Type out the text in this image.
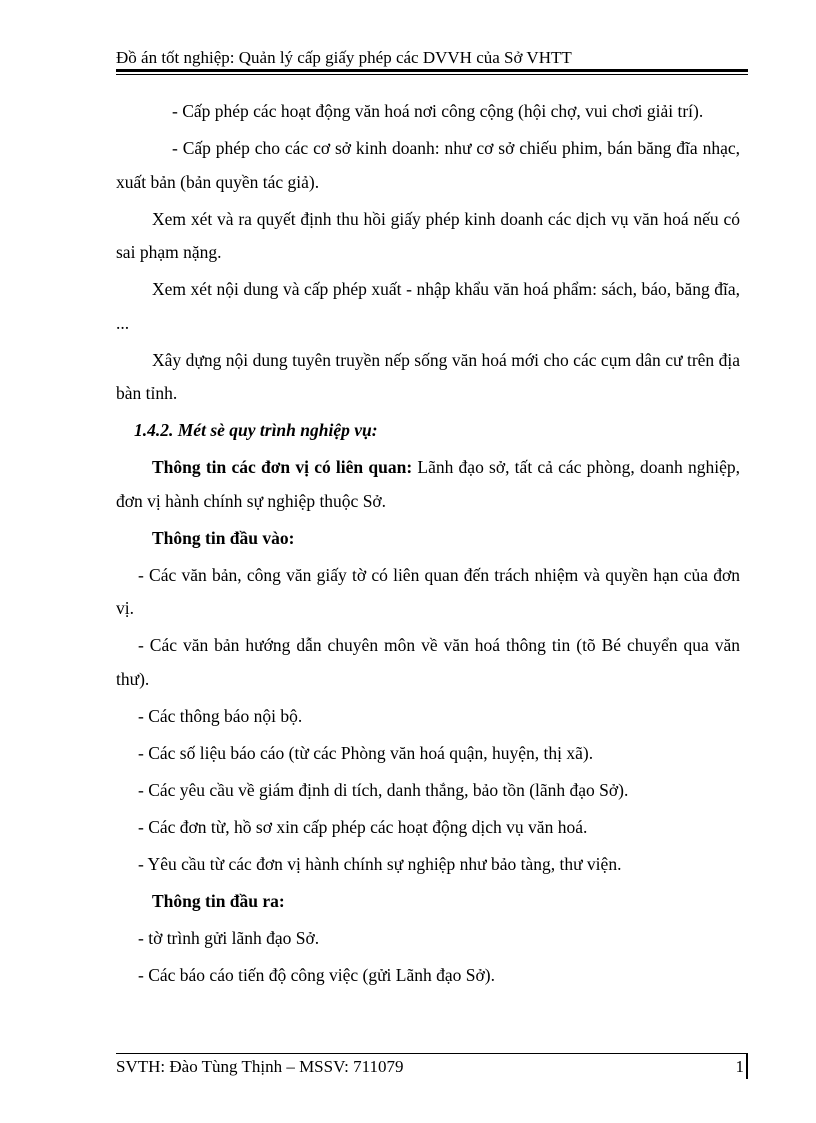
Đồ án tốt nghiệp: Quản lý cấp giấy phép các DVVH của Sở VHTT

- Cấp phép các hoạt động văn hoá nơi công cộng (hội chợ, vui chơi giải trí).

- Cấp phép cho các cơ sở kinh doanh: như cơ sở chiếu phim, bán băng đĩa nhạc, xuất bản (bản quyền tác giả).

Xem xét và ra quyết định thu hồi giấy phép kinh doanh các dịch vụ văn hoá nếu có sai phạm nặng.

Xem xét nội dung và cấp phép xuất - nhập khẩu văn hoá phẩm: sách, báo, băng đĩa, ...

Xây dựng nội dung tuyên truyền nếp sống văn hoá mới cho các cụm dân cư trên địa bàn tỉnh.

1.4.2. Mét sè quy trình nghiệp vụ:

Thông tin các đơn vị có liên quan: Lãnh đạo sở, tất cả các phòng, doanh nghiệp, đơn vị hành chính sự nghiệp thuộc Sở.

Thông tin đầu vào:

- Các văn bản, công văn giấy tờ có liên quan đến trách nhiệm và quyền hạn của đơn vị.

- Các văn bản hướng dẫn chuyên môn về văn hoá thông tin (tõ Bé chuyển qua văn thư).

- Các thông báo nội bộ.

- Các số liệu báo cáo (từ các Phòng văn hoá quận, huyện, thị xã).

- Các yêu cầu về giám định di tích, danh thắng, bảo tồn (lãnh đạo Sở).

- Các đơn từ, hồ sơ xin cấp phép các hoạt động dịch vụ văn hoá.

- Yêu cầu từ các đơn vị hành chính sự nghiệp như bảo tàng, thư viện.

Thông tin đầu ra:

- tờ trình gửi lãnh đạo Sở.

- Các báo cáo tiến độ công việc (gửi Lãnh đạo Sở).

SVTH: Đào Tùng Thịnh – MSSV: 711079	1
